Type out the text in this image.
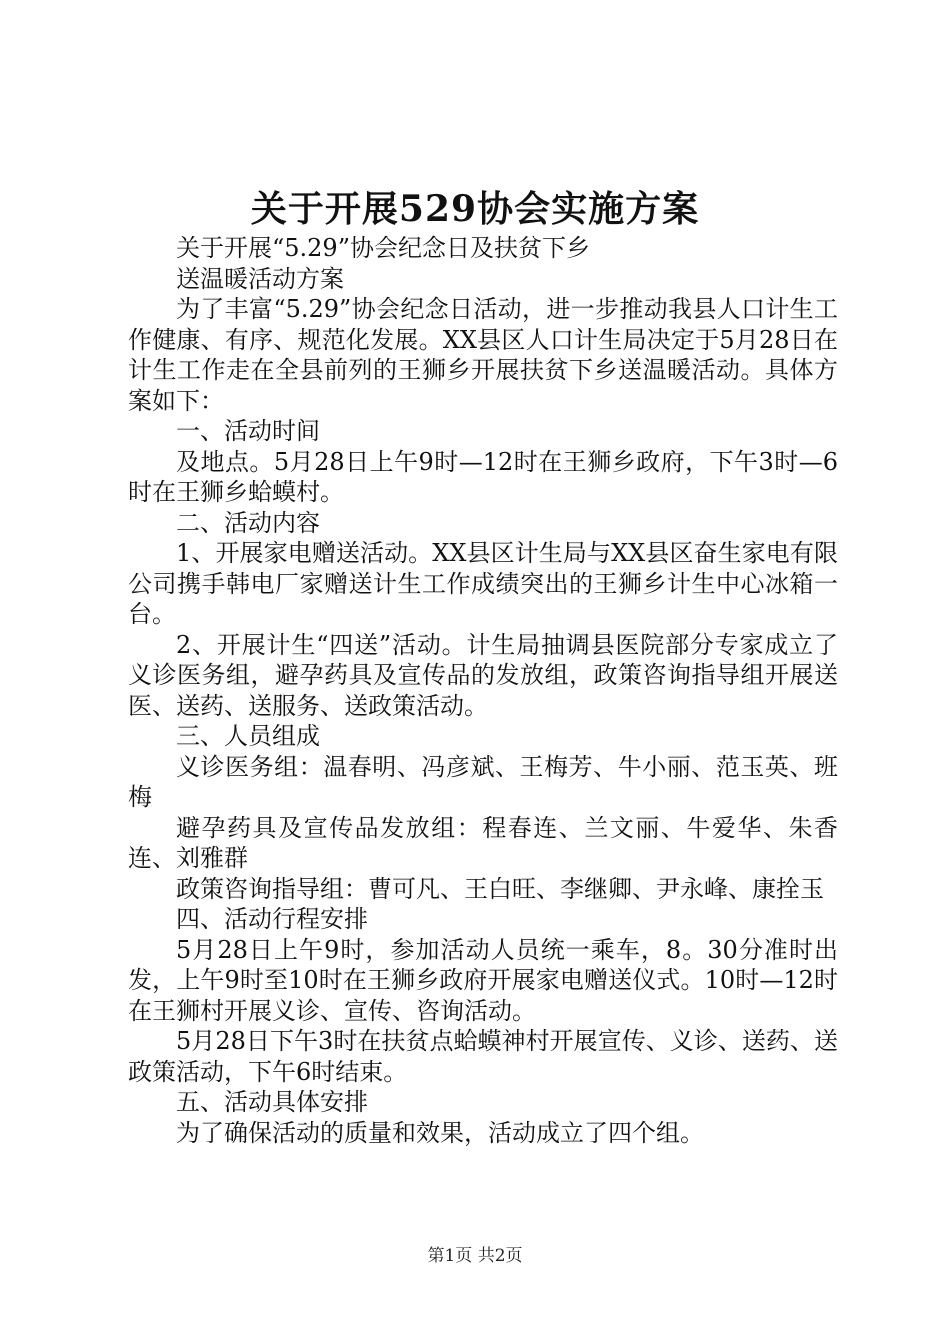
关于开展529协会实施方案

关于开展“5.29”协会纪念日及扶贫下乡

送温暖活动方案

为了丰富“5.29”协会纪念日活动，进一步推动我县人口计生工作健康、有序、规范化发展。XX县区人口计生局决定于5月28日在计生工作走在全县前列的王狮乡开展扶贫下乡送温暖活动。具体方案如下：

一、活动时间

及地点。5月28日上午9时—12时在王狮乡政府，下午3时—6时在王狮乡蛤蟆村。

二、活动内容

1、开展家电赠送活动。XX县区计生局与XX县区奋生家电有限公司携手韩电厂家赠送计生工作成绩突出的王狮乡计生中心冰箱一台。

2、开展计生“四送”活动。计生局抽调县医院部分专家成立了义诊医务组，避孕药具及宣传品的发放组，政策咨询指导组开展送医、送药、送服务、送政策活动。

三、人员组成

义诊医务组：温春明、冯彦斌、王梅芳、牛小丽、范玉英、班梅

避孕药具及宣传品发放组：程春连、兰文丽、牛爱华、朱香连、刘雅群

政策咨询指导组：曹可凡、王白旺、李继卿、尹永峰、康拴玉

四、活动行程安排

5月28日上午9时，参加活动人员统一乘车，8。30分准时出发，上午9时至10时在王狮乡政府开展家电赠送仪式。10时—12时在王狮村开展义诊、宣传、咨询活动。

5月28日下午3时在扶贫点蛤蟆神村开展宣传、义诊、送药、送政策活动，下午6时结束。

五、活动具体安排

为了确保活动的质量和效果，活动成立了四个组。

第1页 共2页
